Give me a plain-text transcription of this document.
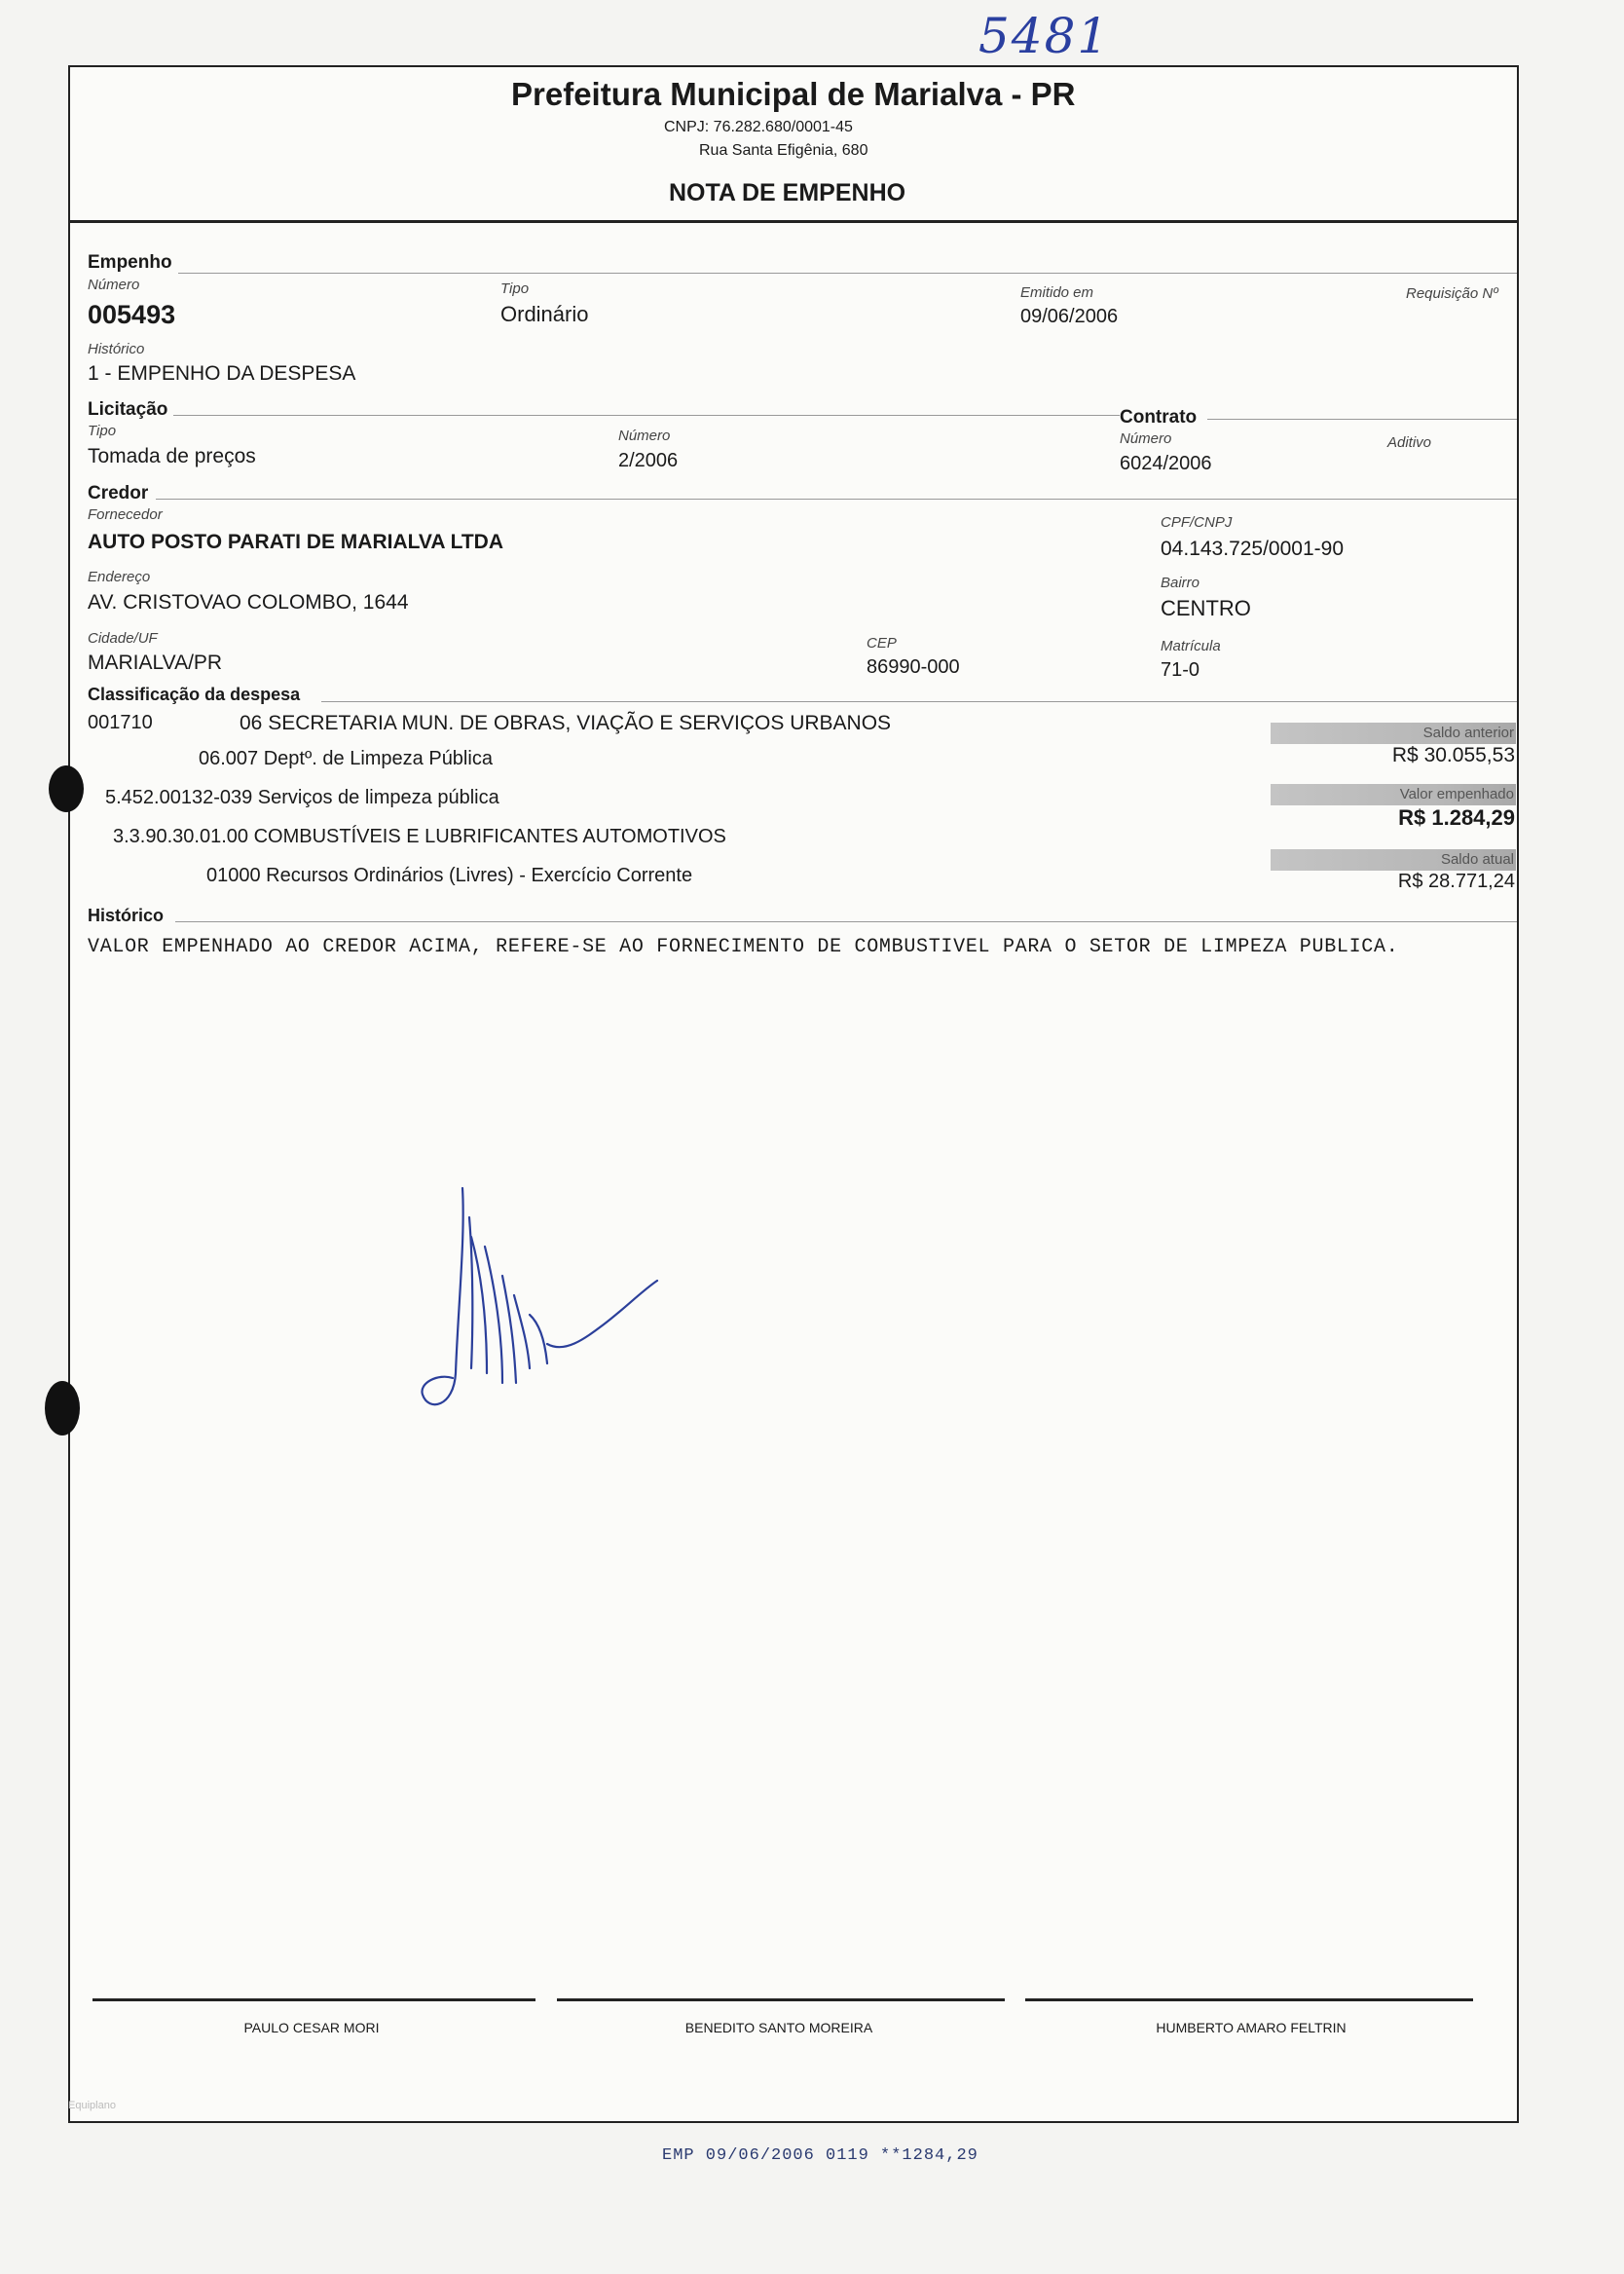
5481
Prefeitura Municipal de Marialva - PR
CNPJ: 76.282.680/0001-45
Rua Santa Efigênia, 680
NOTA DE EMPENHO
Empenho
Número
005493
Tipo
Ordinário
Emitido em
09/06/2006
Requisição Nº
Histórico
1 - EMPENHO DA DESPESA
Licitação	Contrato
Tipo
Tomada de preços
Número
2/2006
Número
6024/2006
Aditivo
Credor
Fornecedor
AUTO POSTO PARATI DE MARIALVA LTDA
CPF/CNPJ
04.143.725/0001-90
Endereço
AV. CRISTOVAO COLOMBO, 1644
Bairro
CENTRO
Cidade/UF
MARIALVA/PR
CEP
86990-000
Matrícula
71-0
Classificação da despesa
001710	06 SECRETARIA MUN. DE OBRAS, VIAÇÃO E SERVIÇOS URBANOS
06.007 Deptº. de Limpeza Pública
5.452.00132-039 Serviços de limpeza pública
3.3.90.30.01.00 COMBUSTÍVEIS E LUBRIFICANTES AUTOMOTIVOS
01000 Recursos Ordinários (Livres) - Exercício Corrente
Saldo anterior
R$ 30.055,53
Valor empenhado
R$ 1.284,29
Saldo atual
R$ 28.771,24
Histórico
VALOR EMPENHADO AO CREDOR ACIMA, REFERE-SE AO FORNECIMENTO DE COMBUSTIVEL PARA O SETOR DE LIMPEZA PUBLICA.
PAULO CESAR MORI	BENEDITO SANTO MOREIRA	HUMBERTO AMARO FELTRIN
Equiplano
EMP 09/06/2006 0119 **1284,29
